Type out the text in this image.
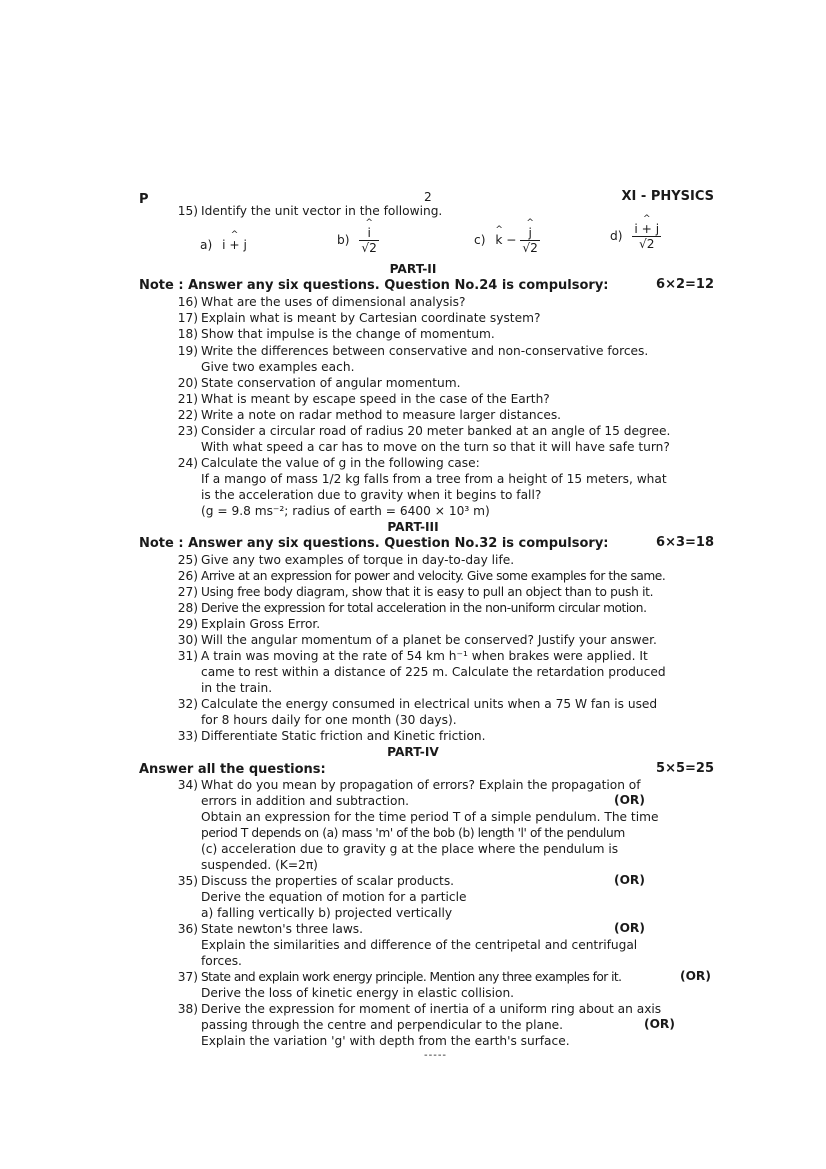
P	2	XI - PHYSICS
15) Identify the unit vector in the following.
a) ^ i + j	b) ^ $\frac{i}{√2}$	c) ^ k − ^ $\frac{j}{√2}$	d) ^ $\frac{i + j}{√2}$
PART-II
Note : Answer any six questions. Question No.24 is compulsory:	6×2=12
16) What are the uses of dimensional analysis?
17) Explain what is meant by Cartesian coordinate system?
18) Show that impulse is the change of momentum.
19) Write the differences between conservative and non-conservative forces.
Give two examples each.
20) State conservation of angular momentum.
21) What is meant by escape speed in the case of the Earth?
22) Write a note on radar method to measure larger distances.
23) Consider a circular road of radius 20 meter banked at an angle of 15 degree.
With what speed a car has to move on the turn so that it will have safe turn?
24) Calculate the value of g in the following case:
If a mango of mass 1/2 kg falls from a tree from a height of 15 meters, what
is the acceleration due to gravity when it begins to fall?
(g = 9.8 ms⁻²; radius of earth = 6400 × 10³ m)
PART-III
Note : Answer any six questions. Question No.32 is compulsory:	6×3=18
25) Give any two examples of torque in day-to-day life.
26) Arrive at an expression for power and velocity. Give some examples for the same.
27) Using free body diagram, show that it is easy to pull an object than to push it.
28) Derive the expression for total acceleration in the non-uniform circular motion.
29) Explain Gross Error.
30) Will the angular momentum of a planet be conserved? Justify your answer.
31) A train was moving at the rate of 54 km h⁻¹ when brakes were applied. It
came to rest within a distance of 225 m. Calculate the retardation produced
in the train.
32) Calculate the energy consumed in electrical units when a 75 W fan is used
for 8 hours daily for one month (30 days).
33) Differentiate Static friction and Kinetic friction.
PART-IV
Answer all the questions:	5×5=25
34) What do you mean by propagation of errors? Explain the propagation of
errors in addition and subtraction.	(OR)
Obtain an expression for the time period T of a simple pendulum. The time
period T depends on (a) mass 'm' of the bob (b) length 'l' of the pendulum
(c) acceleration due to gravity g at the place where the pendulum is
suspended. (K=2π)
35) Discuss the properties of scalar products.	(OR)
Derive the equation of motion for a particle
a) falling vertically b) projected vertically
36) State newton's three laws.	(OR)
Explain the similarities and difference of the centripetal and centrifugal
forces.
37) State and explain work energy principle. Mention any three examples for it.	(OR)
Derive the loss of kinetic energy in elastic collision.
38) Derive the expression for moment of inertia of a uniform ring about an axis
passing through the centre and perpendicular to the plane.	(OR)
Explain the variation 'g' with depth from the earth's surface.
-----
